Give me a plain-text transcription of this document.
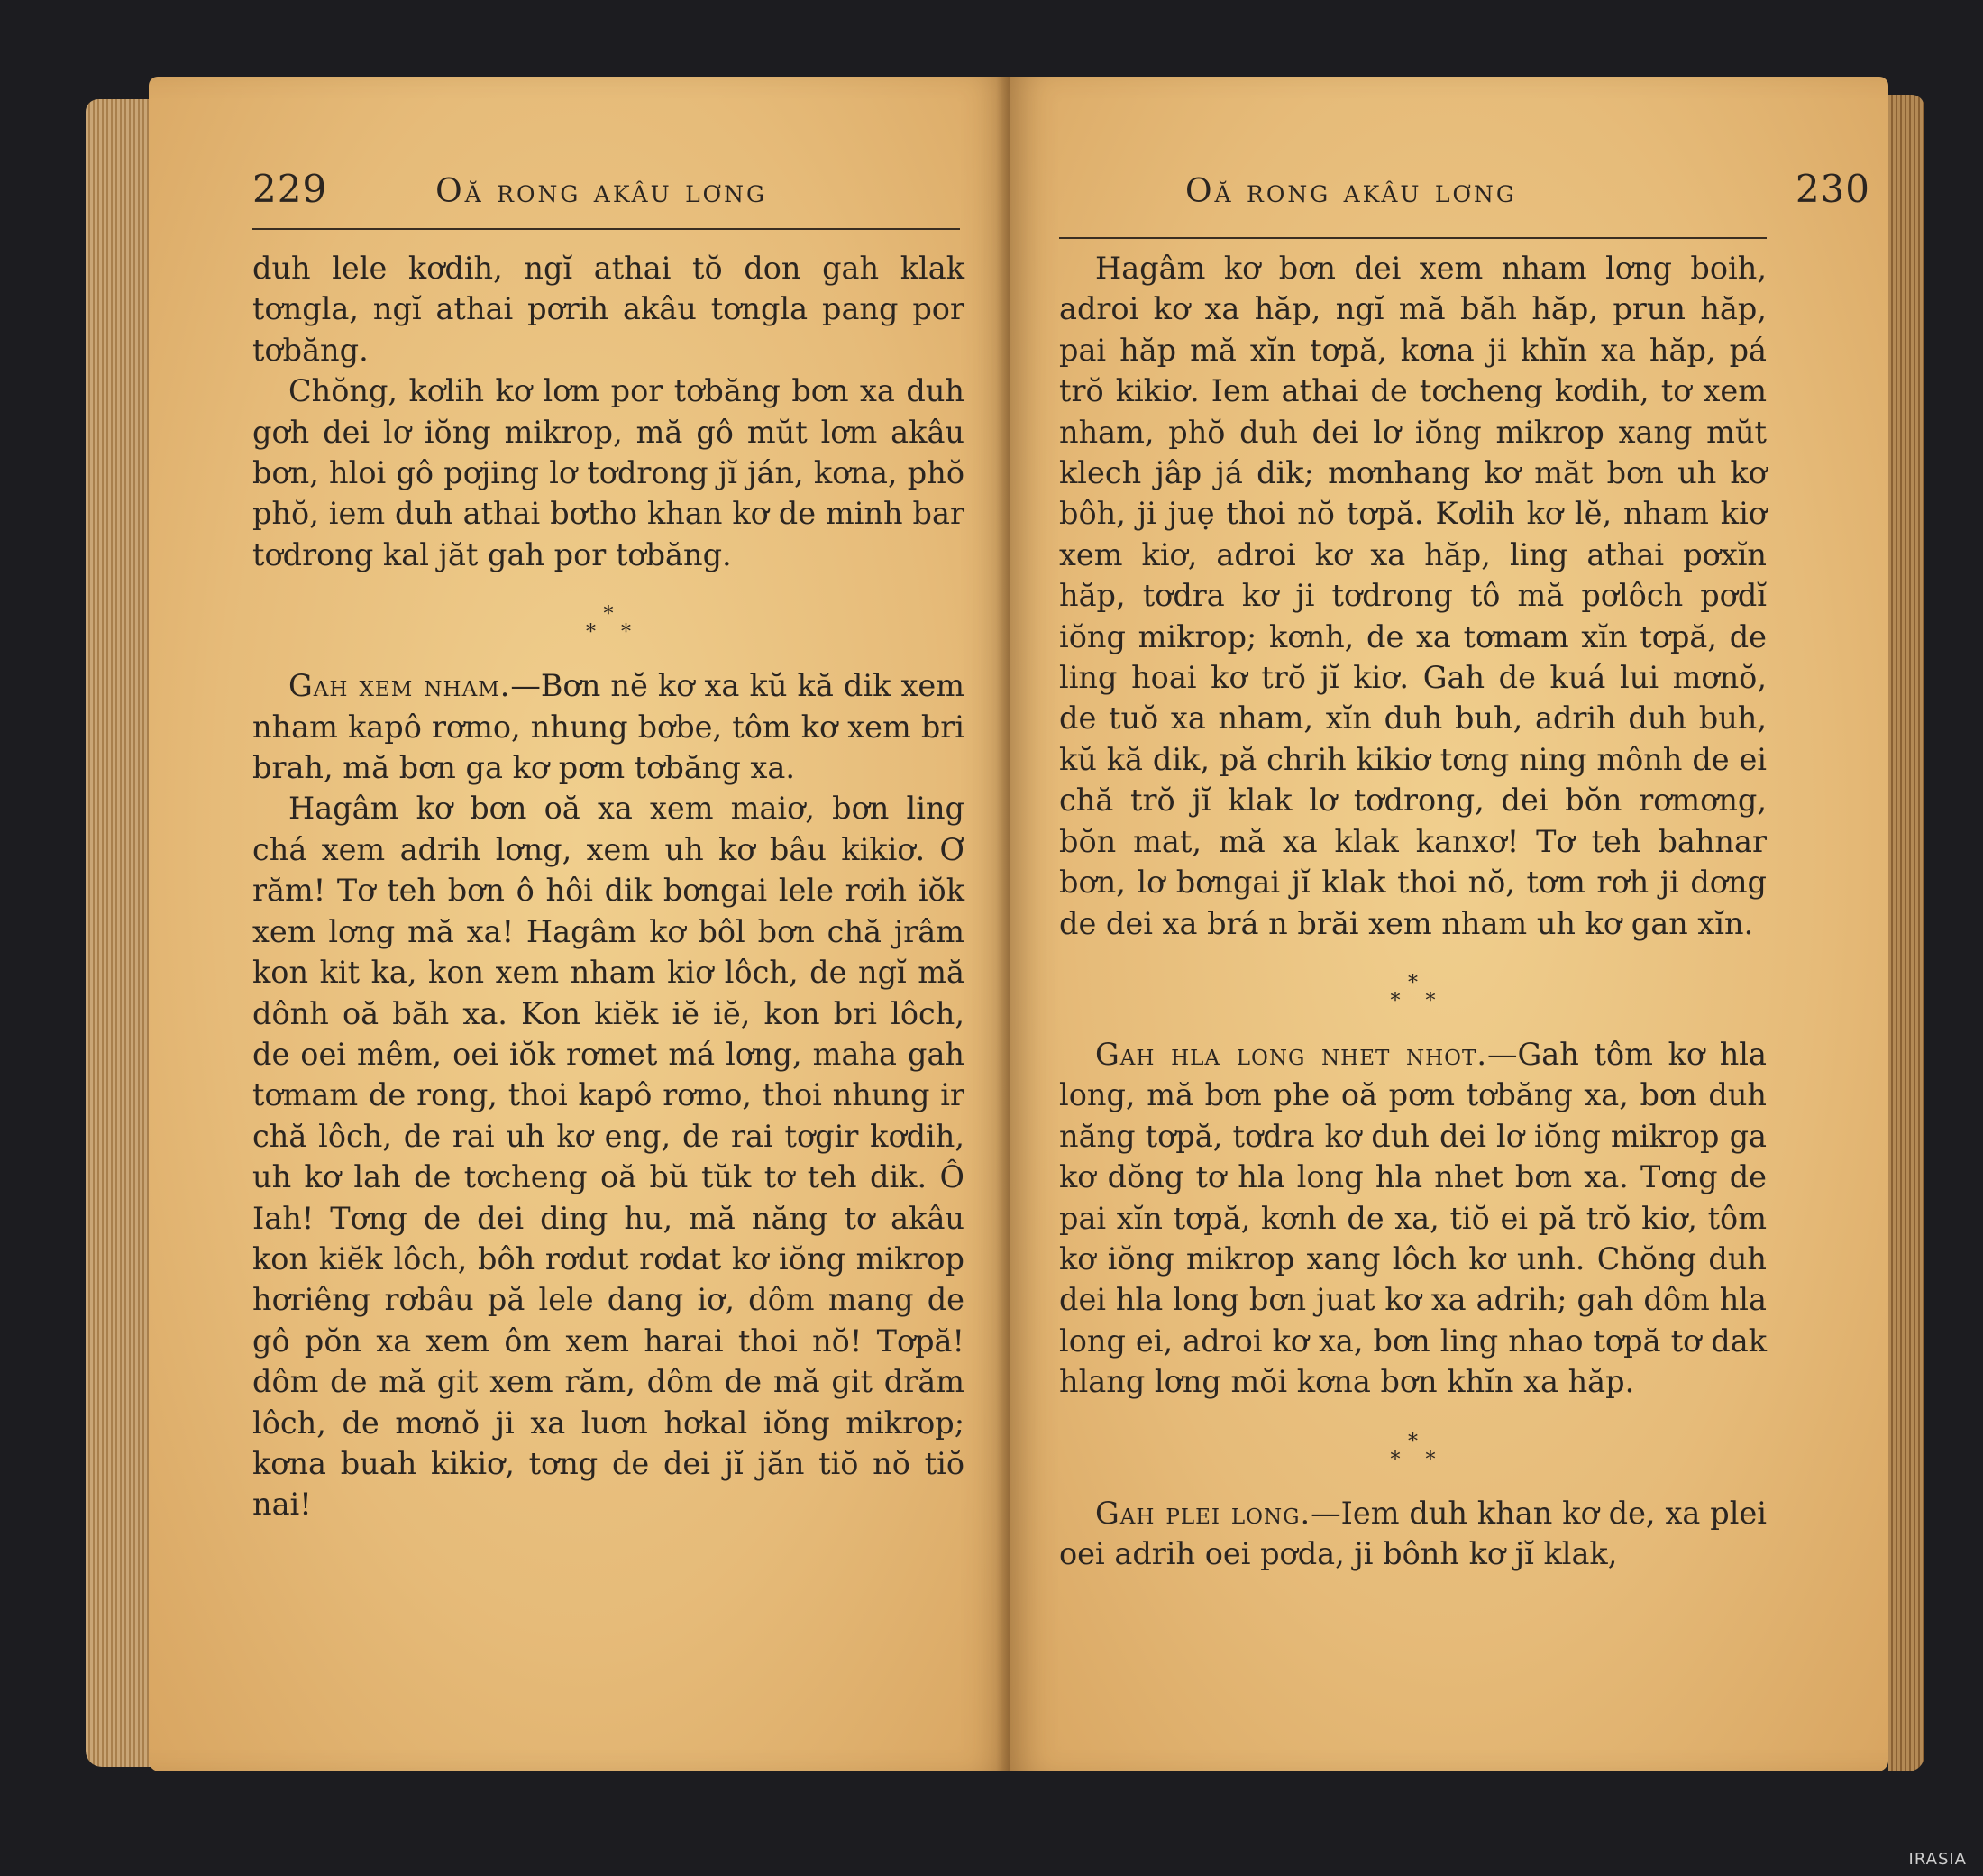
229	Oă rong akâu lơng

duh lele kơdih, ngĭ athai tŏ don gah klak tơngla, ngĭ athai pơrih akâu tơngla pang por tơbăng.

Chŏng, kơlih kơ lơm por tơbăng bơn xa duh gơh dei lơ iŏng mikrop, mă gô mŭt lơm akâu bơn, hloi gô pơjing lơ tơdrong jĭ ján, kơna, phŏ phŏ, iem duh athai bơtho khan kơ de minh bar tơdrong kal jăt gah por tơbăng.

*
*    *

Gah xem nham.—Bơn nĕ kơ xa kŭ kă dik xem nham kapô rơmo, nhung bơbe, tôm kơ xem bri brah, mă bơn ga kơ pơm tơbăng xa.

Hagâm kơ bơn oă xa xem maiơ, bơn ling chá xem adrih lơng, xem uh kơ bâu kikiơ. Ơ răm! Tơ teh bơn ô hôi dik bơngai lele rơih iŏk xem lơng mă xa! Hagâm kơ bôl bơn chă jrâm kon kit ka, kon xem nham kiơ lôch, de ngĭ mă dônh oă băh xa. Kon kiĕk iĕ iĕ, kon bri lôch, de oei mêm, oei iŏk rơmet má lơng, maha gah tơmam de rong, thoi kapô rơmo, thoi nhung ir chă lôch, de rai uh kơ eng, de rai tơgir kơdih, uh kơ lah de tơcheng oă bŭ tŭk tơ teh dik. Ô Iah! Tơng de dei ding hu, mă năng tơ akâu kon kiĕk lôch, bôh rơdut rơdat kơ iŏng mikrop hơriêng rơbâu pă lele dang iơ, dôm mang de gô pŏn xa xem ôm xem harai thoi nŏ! Tơpă! dôm de mă git xem răm, dôm de mă git drăm lôch, de mơnŏ ji xa luơn hơkal iŏng mikrop; kơna buah kikiơ, tơng de dei jĭ jăn tiŏ nŏ tiŏ nai!

Oă rong akâu lơng	230

Hagâm kơ bơn dei xem nham lơng boih, adroi kơ xa hăp, ngĭ mă băh hăp, prun hăp, pai hăp mă xĭn tơpă, kơna ji khĭn xa hăp, pá trŏ kikiơ. Iem athai de tơcheng kơdih, tơ xem nham, phŏ duh dei lơ iŏng mikrop xang mŭt klech jâp já dik; mơnhang kơ măt bơn uh kơ bôh, ji juẹ thoi nŏ tơpă. Kơlih kơ lĕ, nham kiơ xem kiơ, adroi kơ xa hăp, ling athai pơxĭn hăp, tơdra kơ ji tơdrong tô mă pơlôch pơdĭ iŏng mikrop; kơnh, de xa tơmam xĭn tơpă, de ling hoai kơ trŏ jĭ kiơ. Gah de kuá lui mơnŏ, de tuŏ xa nham, xĭn duh buh, adrih duh buh, kŭ kă dik, pă chrih kikiơ tơng ning mônh de ei chă trŏ jĭ klak lơ tơdrong, dei bŏn rơmơng, bŏn mat, mă xa klak kanxơ! Tơ teh bahnar bơn, lơ bơngai jĭ klak thoi nŏ, tơm rơh ji dơng de dei xa brá n brăi xem nham uh kơ gan xĭn.

*
*    *

Gah hla long nhet nhot.—Gah tôm kơ hla long, mă bơn phe oă pơm tơbăng xa, bơn duh năng tơpă, tơdra kơ duh dei lơ iŏng mikrop ga kơ dŏng tơ hla long hla nhet bơn xa. Tơng de pai xĭn tơpă, kơnh de xa, tiŏ ei pă trŏ kiơ, tôm kơ iŏng mikrop xang lôch kơ unh. Chŏng duh dei hla long bơn juat kơ xa adrih; gah dôm hla long ei, adroi kơ xa, bơn ling nhao tơpă tơ dak hlang lơng mŏi kơna bơn khĭn xa hăp.

*
*    *

Gah plei long.—Iem duh khan kơ de, xa plei oei adrih oei pơda, ji bônh kơ jĭ klak,

IRASIA
